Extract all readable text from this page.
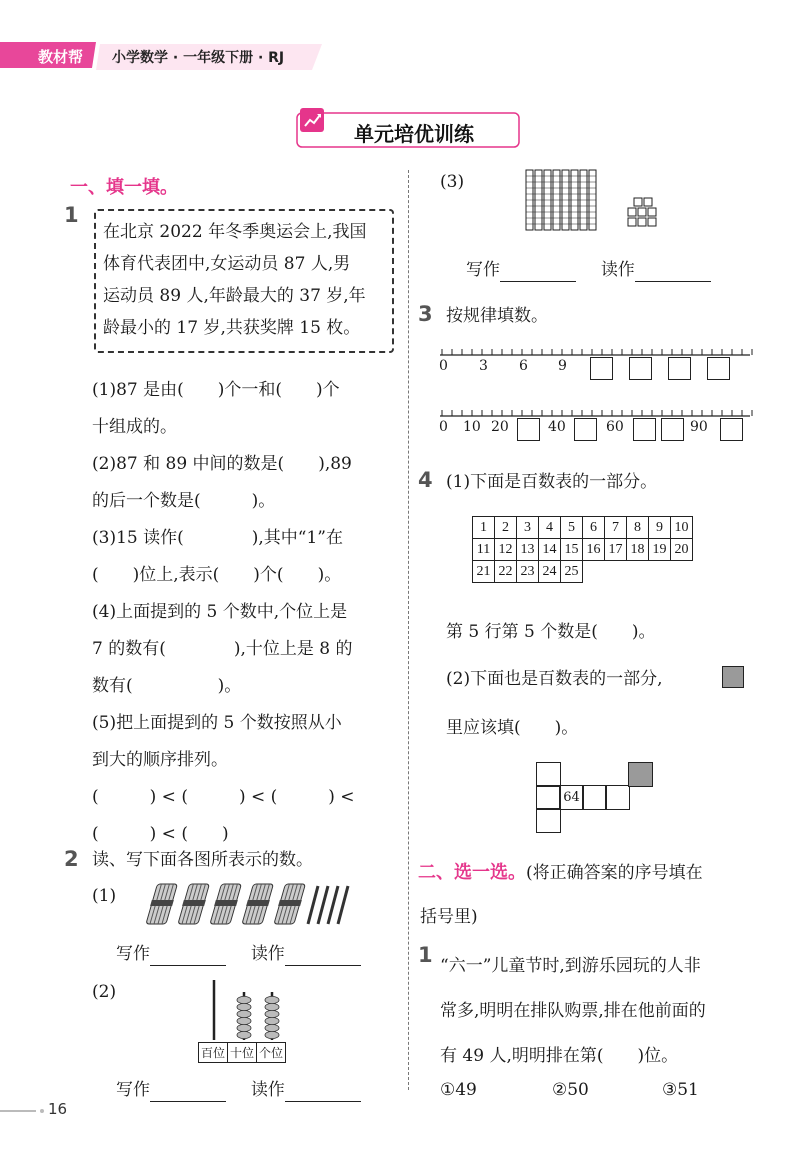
教材帮 小学数学 · 一年级下册 · RJ
单元培优训练
一、填一填。
1
在北京 2022 年冬季奥运会上,我国
体育代表团中,女运动员 87 人,男
运动员 89 人,年龄最大的 37 岁,年
龄最小的 17 岁,共获奖牌 15 枚。
(1)87 是由(　　)个一和(　　)个
十组成的。
(2)87 和 89 中间的数是(　　),89
的后一个数是(　　　)。
(3)15 读作(　　　　),其中“1”在
(　　)位上,表示(　　)个(　　)。
(4)上面提到的 5 个数中,个位上是
7 的数有(　　　　),十位上是 8 的
数有(　　　　　)。
(5)把上面提到的 5 个数按照从小
到大的顺序排列。
(　　　) < (　　　) < (　　　) <
(　　　) < (　　)
2 读、写下面各图所表示的数。
(1)
写作	读作
(2)
百位 十位 个位
写作	读作
16
(3)
写作	读作
3 按规律填数。
0 3 6 9
0 10 20	40	60	90
4 (1)下面是百数表的一部分。
1	2	3	4	5	6	7	8	9	10
11	12	13	14	15	16	17	18	19	20
21	22	23	24	25					
第 5 行第 5 个数是(　　)。
(2)下面也是百数表的一部分,
里应该填(　　)。
64
二、选一选。(将正确答案的序号填在
括号里)
1 “六一”儿童节时,到游乐园玩的人非
常多,明明在排队购票,排在他前面的
有 49 人,明明排在第(　　)位。
①49	②50	③51
